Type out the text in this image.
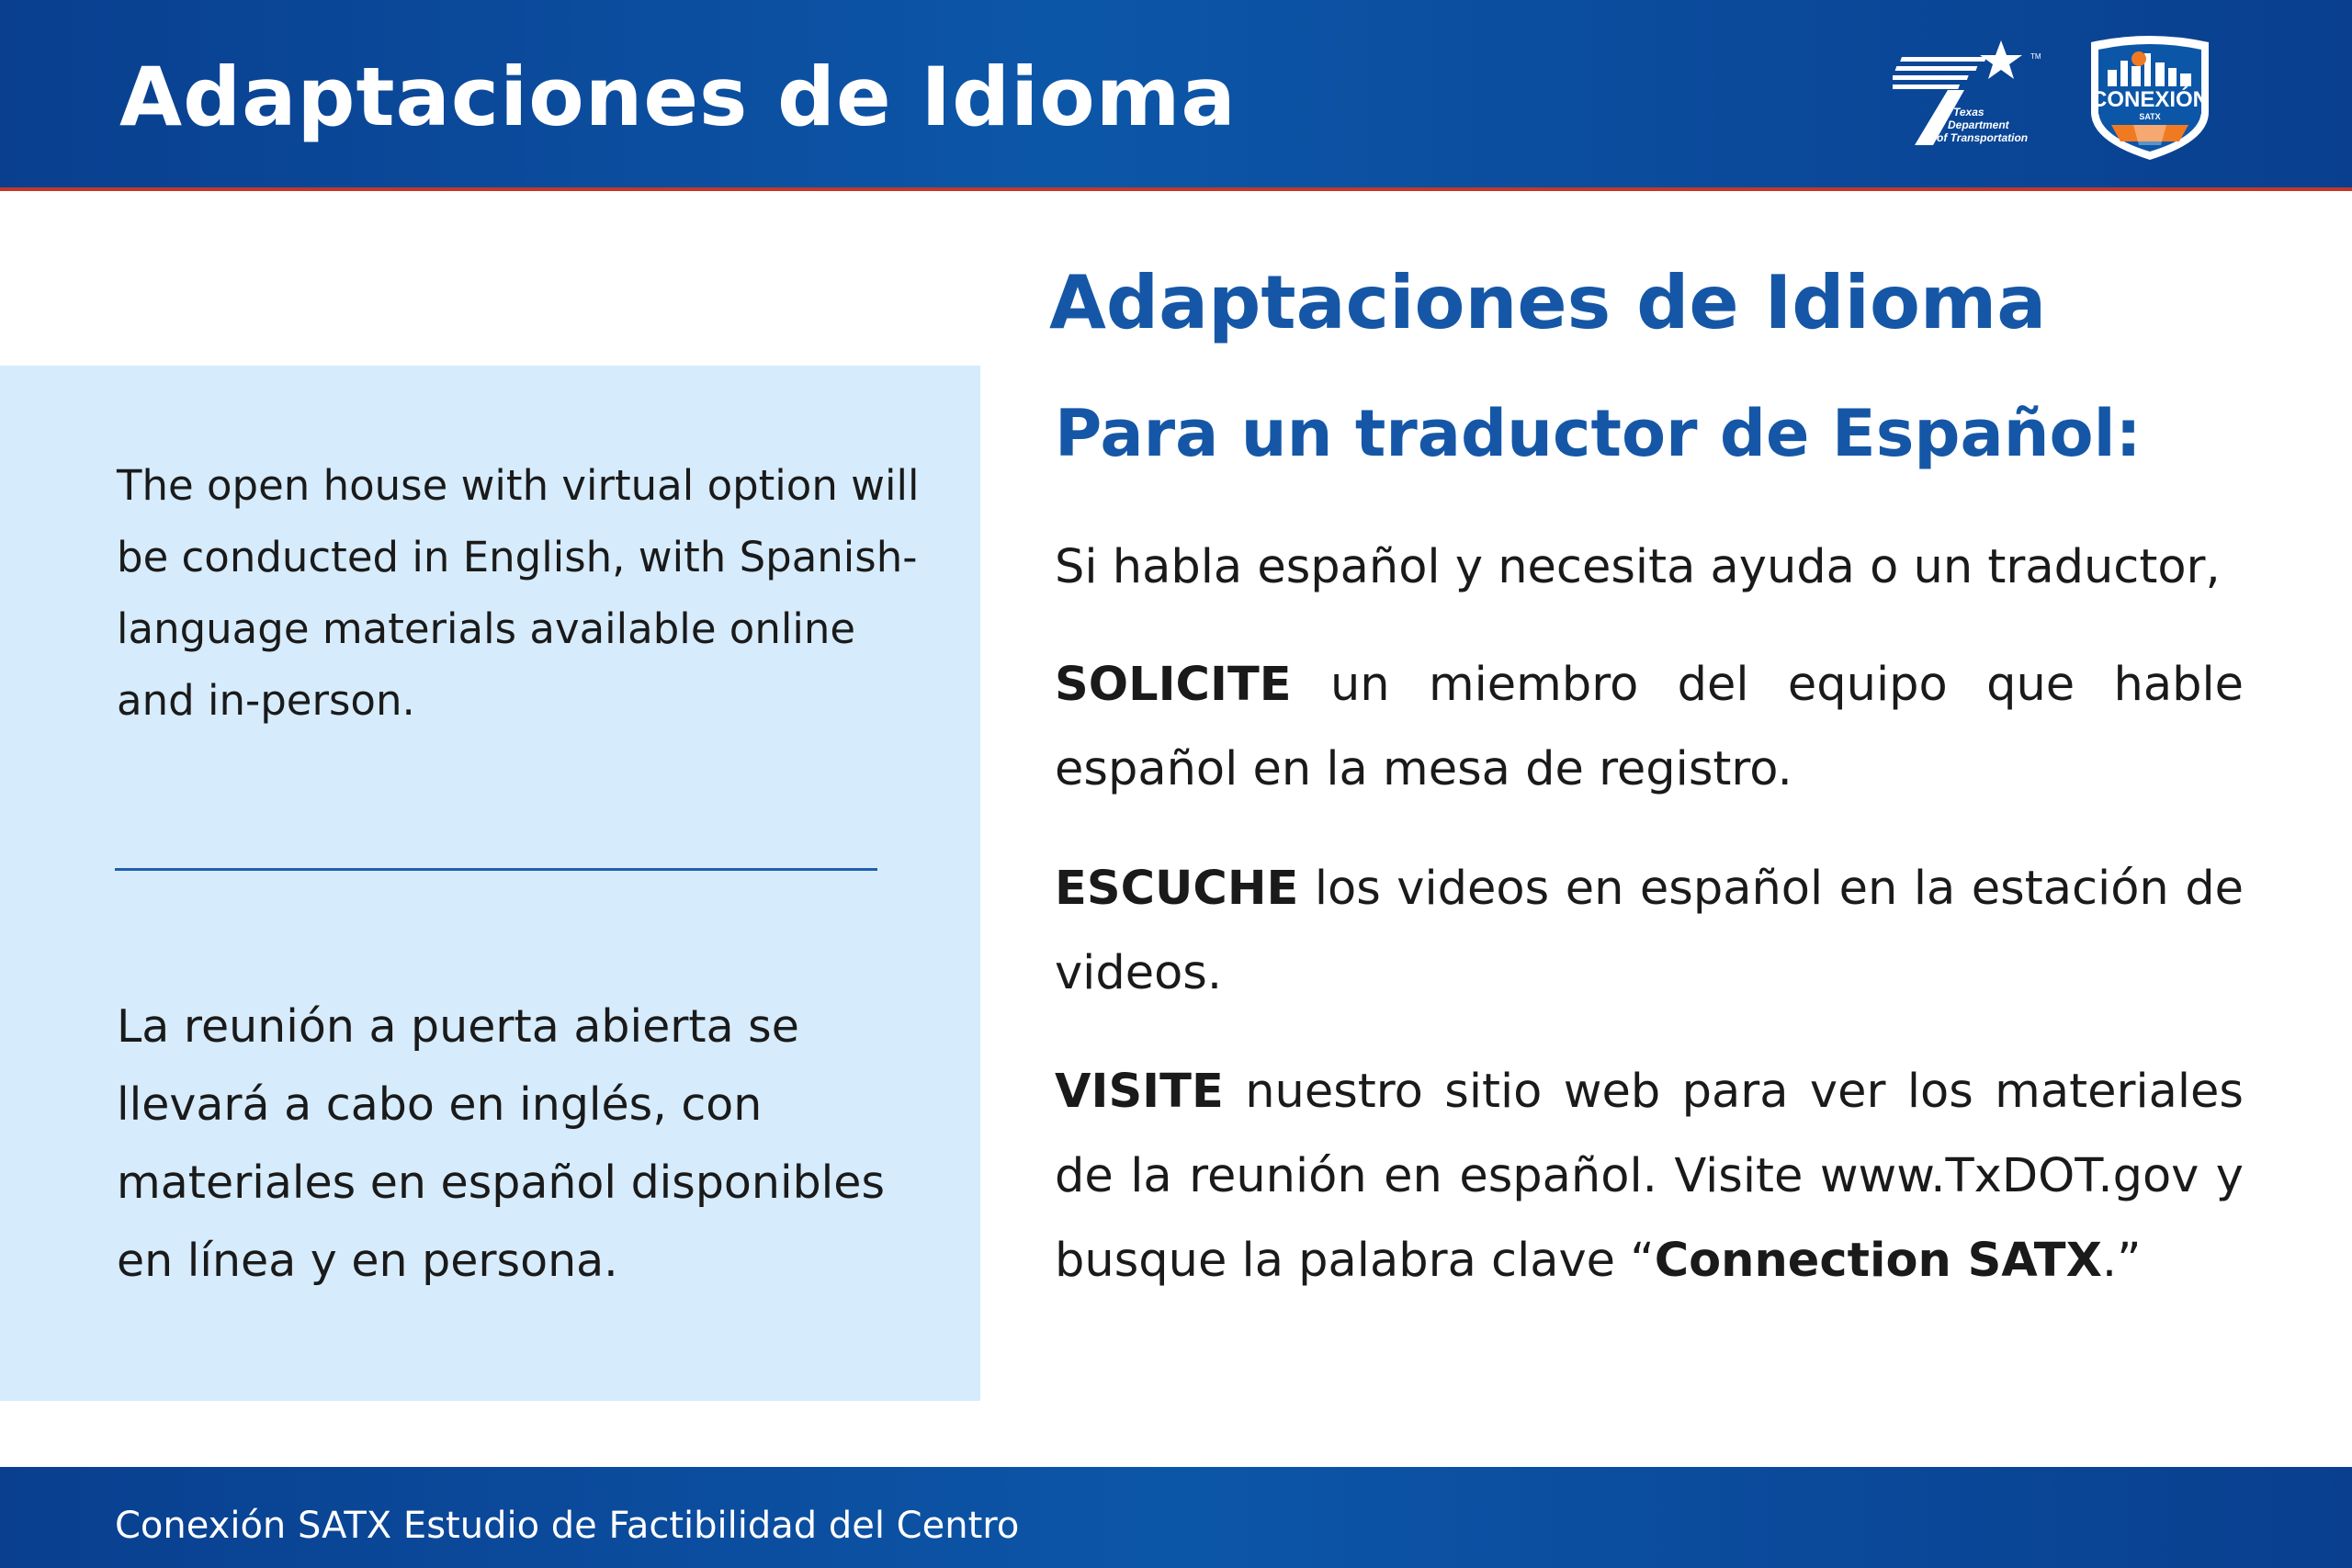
Adaptaciones de Idioma	TM
Texas
Department
of Transportation
CONEXIÓN
SATX
The open house with virtual option will be conducted in English, with Spanish-language materials available online and in-person.
La reunión a puerta abierta se llevará a cabo en inglés, con materiales en español disponibles en línea y en persona.
Adaptaciones de Idioma
Para un traductor de Español:
Si habla español y necesita ayuda o un traductor,
SOLICITE un miembro del equipo que hable español en la mesa de registro.
ESCUCHE los videos en español en la estación de videos.
VISITE nuestro sitio web para ver los materiales de la reunión en español. Visite www.TxDOT.gov y busque la palabra clave “Connection SATX.”
Conexión SATX Estudio de Factibilidad del Centro
